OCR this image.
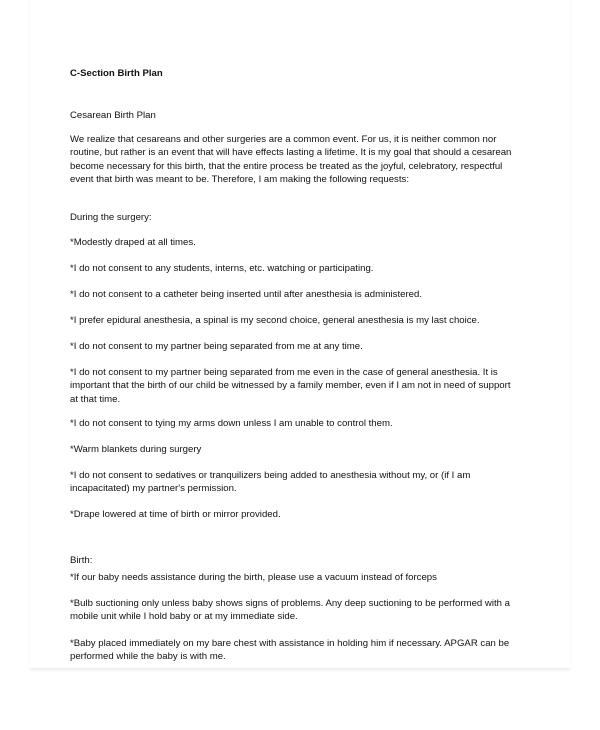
C-Section Birth Plan
Cesarean Birth Plan
We realize that cesareans and other surgeries are a common event. For us, it is neither common nor routine, but rather is an event that will have effects lasting a lifetime. It is my goal that should a cesarean become necessary for this birth, that the entire process be treated as the joyful, celebratory, respectful event that birth was meant to be. Therefore, I am making the following requests:
During the surgery:
*Modestly draped at all times.
*I do not consent to any students, interns, etc. watching or participating.
*I do not consent to a catheter being inserted until after anesthesia is administered.
*I prefer epidural anesthesia, a spinal is my second choice, general anesthesia is my last choice.
*I do not consent to my partner being separated from me at any time.
*I do not consent to my partner being separated from me even in the case of general anesthesia. It is important that the birth of our child be witnessed by a family member, even if I am not in need of support at that time.
*I do not consent to tying my arms down unless I am unable to control them.
*Warm blankets during surgery
*I do not consent to sedatives or tranquilizers being added to anesthesia without my, or (if I am incapacitated) my partner's permission.
*Drape lowered at time of birth or mirror provided.
Birth:
*If our baby needs assistance during the birth, please use a vacuum instead of forceps
*Bulb suctioning only unless baby shows signs of problems. Any deep suctioning to be performed with a mobile unit while I hold baby or at my immediate side.
*Baby placed immediately on my bare chest with assistance in holding him if necessary. APGAR can be performed while the baby is with me.
